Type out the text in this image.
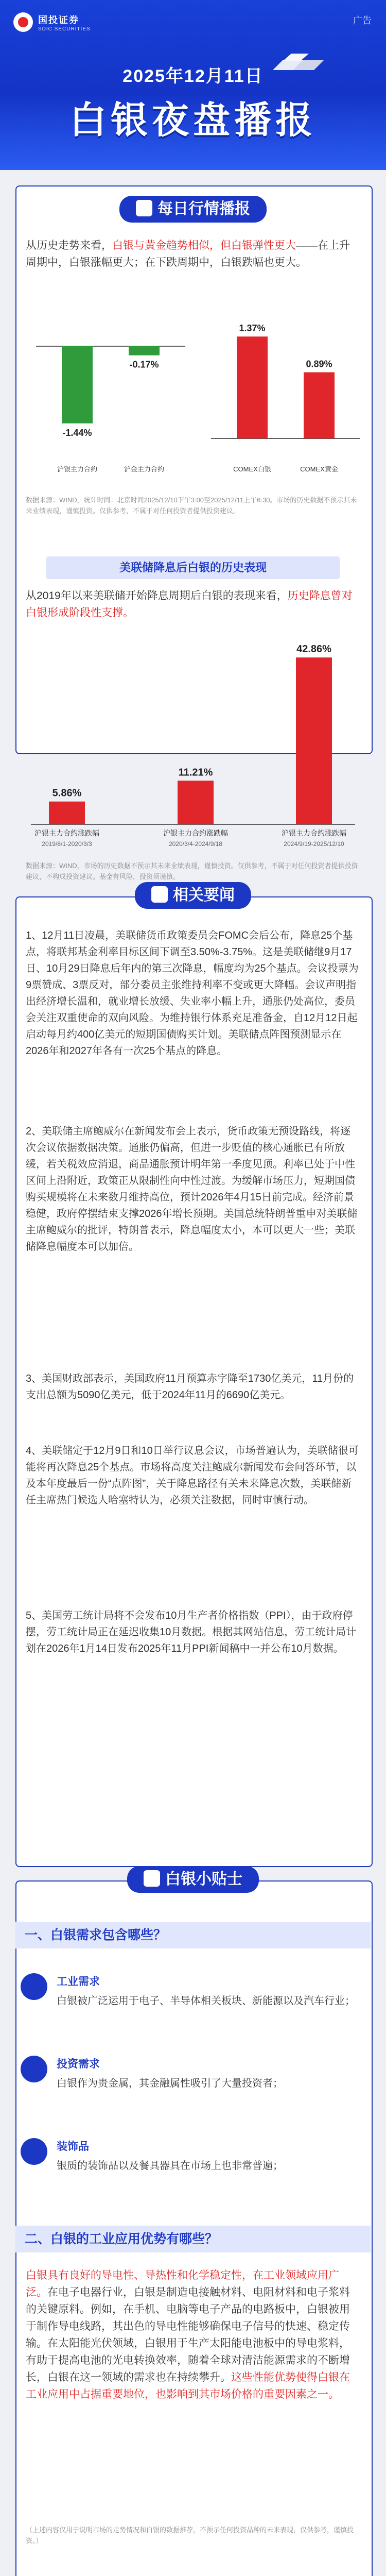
国投证券
SDIC SECURITIES
广告
2025年12月11日
白银夜盘播报
每日行情播报
从历史走势来看，白银与黄金趋势相似，但白银弹性更大——在上升周期中，白银涨幅更大；在下跌周期中，白银跌幅也更大。
-1.44%
沪银主力合约
-0.17%
沪金主力合约
1.37%
COMEX白银
0.89%
COMEX黄金
数据来源：WIND，统计时间：北京时间2025/12/10下午3:00至2025/12/11上午6:30。市场的历史数据不预示其未来业绩表现，谨慎投资。仅供参考，不属于对任何投资者提供投资建议。
美联储降息后白银的历史表现
从2019年以来美联储开始降息周期后白银的表现来看，历史降息曾对白银形成阶段性支撑。
5.86%
沪银主力合约涨跌幅
2019/8/1-2020/3/3
11.21%
沪银主力合约涨跌幅
2020/3/4-2024/9/18
42.86%
沪银主力合约涨跌幅
2024/9/19-2025/12/10
相关要闻
白银小贴士
一、白银需求包含哪些？
工业需求
白银被广泛运用于电子、半导体相关板块、新能源以及汽车行业；
投资需求
白银作为贵金属，其金融属性吸引了大量投资者；
装饰品
银质的装饰品以及餐具器具在市场上也非常普遍；
二、白银的工业应用优势有哪些？
白银具有良好的导电性、导热性和化学稳定性，在工业领域应用广泛。在电子电器行业，白银是制造电接触材料、电阻材料和电子浆料的关键原料。例如，在手机、电脑等电子产品的电路板中，白银被用于制作导电线路，其出色的导电性能够确保电子信号的快速、稳定传输。在太阳能光伏领域，白银用于生产太阳能电池板中的导电浆料，有助于提高电池的光电转换效率，随着全球对清洁能源需求的不断增长，白银在这一领域的需求也在持续攀升。这些性能优势使得白银在工业应用中占据重要地位，也影响到其市场价格的重要因素之一。
（上述内容仅用于说明市场的走势情况和白银的数据推荐，不预示任何投资品种的未来表现，仅供参考，谨慎投资。）
数据来源：WIND，市场的历史数据不预示其未来业绩表现，谨慎投资。仅供参考，不属于对任何投资者提供投资建议，不构成投资建议。基金有风险，投资须谨慎。
1、12月11日凌晨，美联储货币政策委员会FOMC会后公布，降息25个基点，将联邦基金利率目标区间下调至3.50%-3.75%。这是美联储继9月17日、10月29日降息后年内的第三次降息，幅度均为25个基点。会议投票为9票赞成、3票反对，部分委员主张维持利率不变或更大降幅。会议声明指出经济增长温和，就业增长放缓、失业率小幅上升，通胀仍处高位，委员会关注双重使命的双向风险。为维持银行体系充足准备金，自12月12日起启动每月约400亿美元的短期国债购买计划。美联储点阵图预测显示在2026年和2027年各有一次25个基点的降息。
2、美联储主席鲍威尔在新闻发布会上表示，货币政策无预设路线，将逐次会议依据数据决策。通胀仍偏高，但进一步贬值的核心通胀已有所放缓，若关税效应消退，商品通胀预计明年第一季度见顶。利率已处于中性区间上沿附近，政策正从限制性向中性过渡。为缓解市场压力，短期国债购买规模将在未来数月维持高位，预计2026年4月15日前完成。经济前景稳健，政府停摆结束支撑2026年增长预期。美国总统特朗普重申对美联储主席鲍威尔的批评，特朗普表示，降息幅度太小，本可以更大一些；美联储降息幅度本可以加倍。
3、美国财政部表示，美国政府11月预算赤字降至1730亿美元，11月份的支出总额为5090亿美元，低于2024年11月的6690亿美元。
4、美联储定于12月9日和10日举行议息会议，市场普遍认为，美联储很可能将再次降息25个基点。市场将高度关注鲍威尔新闻发布会问答环节，以及本年度最后一份“点阵图”，关于降息路径有关未来降息次数，美联储新任主席热门候选人哈塞特认为，必须关注数据，同时审慎行动。
5、美国劳工统计局将不会发布10月生产者价格指数（PPI），由于政府停摆，劳工统计局正在延迟收集10月数据。根据其网站信息，劳工统计局计划在2026年1月14日发布2025年11月PPI新闻稿中一并公布10月数据。
